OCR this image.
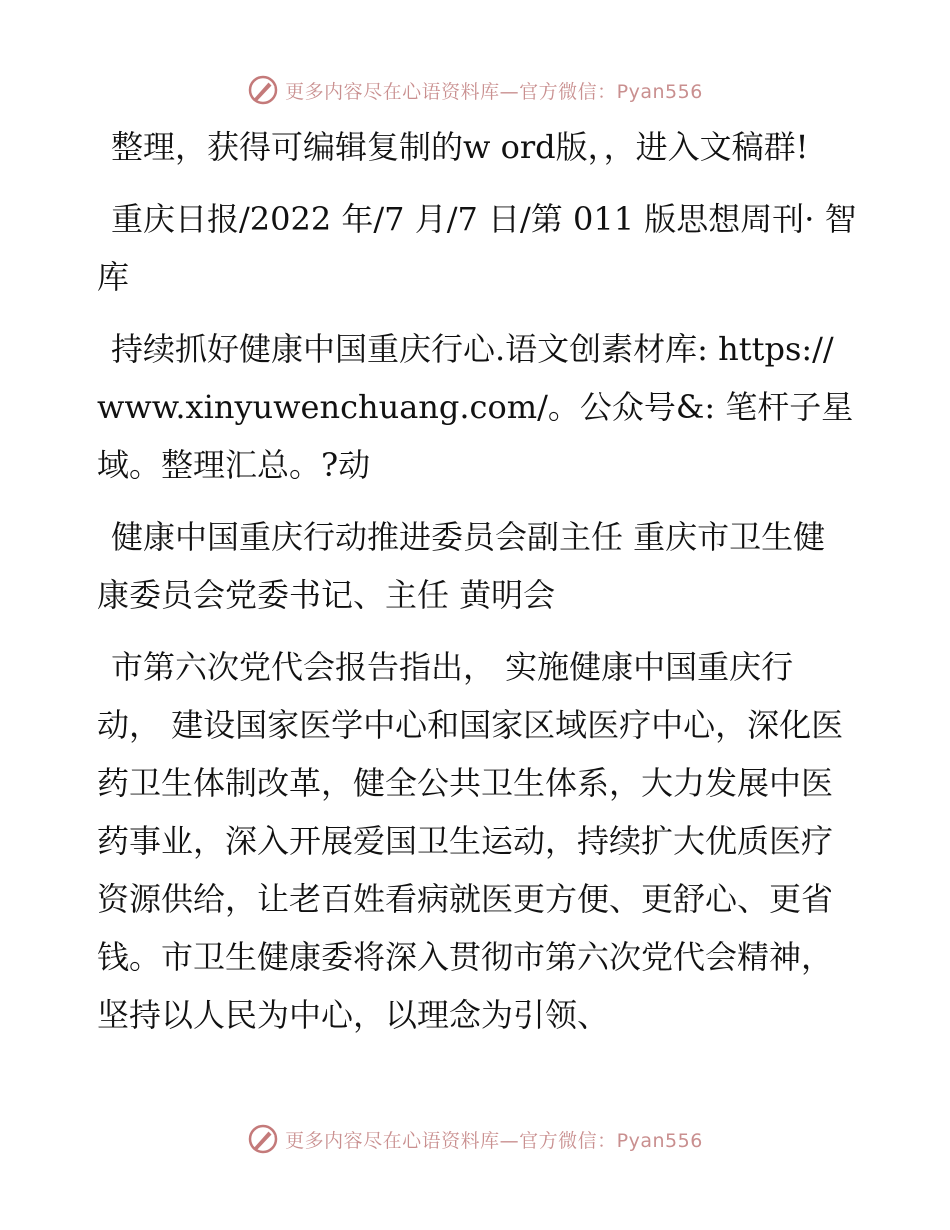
更多内容尽在心语资料库—官方微信：Pyan556

整理，获得可编辑复制的w ord版，，进入文稿群!

重庆日报/2022 年/7 月/7 日/第 011 版思想周刊· 智库

持续抓好健康中国重庆行心.语文创素材库: https://www.xinyuwenchuang.com/。公众号&: 笔杆子星域。整理汇总。?动

健康中国重庆行动推进委员会副主任 重庆市卫生健康委员会党委书记、主任 黄明会

市第六次党代会报告指出， 实施健康中国重庆行动， 建设国家医学中心和国家区域医疗中心，深化医药卫生体制改革，健全公共卫生体系，大力发展中医药事业，深入开展爱国卫生运动，持续扩大优质医疗资源供给，让老百姓看病就医更方便、更舒心、更省钱。市卫生健康委将深入贯彻市第六次党代会精神，坚持以人民为中心，以理念为引领、

更多内容尽在心语资料库—官方微信：Pyan556
